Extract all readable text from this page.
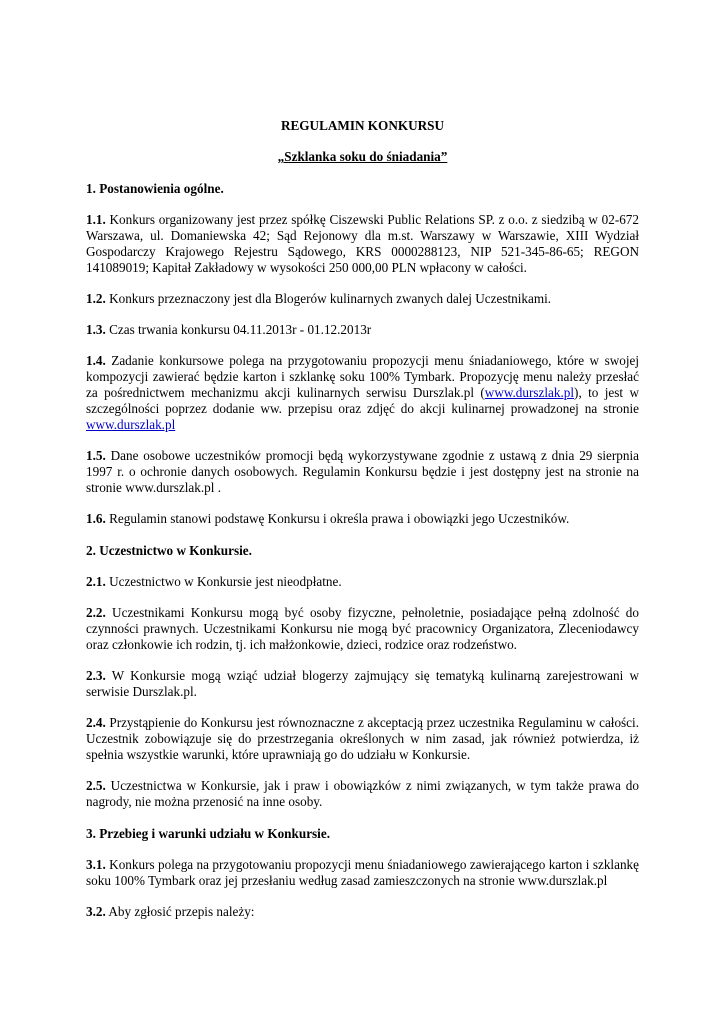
REGULAMIN KONKURSU
„Szklanka soku do śniadania”
1. Postanowienia ogólne.

1.1. Konkurs organizowany jest przez spółkę Ciszewski Public Relations SP. z o.o. z siedzibą w 02-672 Warszawa, ul. Domaniewska 42; Sąd Rejonowy dla m.st. Warszawy w Warszawie, XIII Wydział Gospodarczy Krajowego Rejestru Sądowego, KRS 0000288123, NIP 521-345-86-65; REGON 141089019; Kapitał Zakładowy w wysokości 250 000,00 PLN wpłacony w całości.

1.2. Konkurs przeznaczony jest dla Blogerów kulinarnych zwanych dalej Uczestnikami.

1.3. Czas trwania konkursu 04.11.2013r - 01.12.2013r

1.4. Zadanie konkursowe polega na przygotowaniu propozycji menu śniadaniowego, które w swojej kompozycji zawierać będzie karton i szklankę soku 100% Tymbark. Propozycję menu należy przesłać za pośrednictwem mechanizmu akcji kulinarnych serwisu Durszlak.pl (www.durszlak.pl), to jest w szczególności poprzez dodanie ww. przepisu oraz zdjęć do akcji kulinarnej prowadzonej na stronie www.durszlak.pl

1.5. Dane osobowe uczestników promocji będą wykorzystywane zgodnie z ustawą z dnia 29 sierpnia 1997 r. o ochronie danych osobowych. Regulamin Konkursu będzie i jest dostępny jest na stronie na stronie www.durszlak.pl .

1.6. Regulamin stanowi podstawę Konkursu i określa prawa i obowiązki jego Uczestników.

2. Uczestnictwo w Konkursie.

2.1. Uczestnictwo w Konkursie jest nieodpłatne.

2.2. Uczestnikami Konkursu mogą być osoby fizyczne, pełnoletnie, posiadające pełną zdolność do czynności prawnych. Uczestnikami Konkursu nie mogą być pracownicy Organizatora, Zleceniodawcy oraz członkowie ich rodzin, tj. ich małżonkowie, dzieci, rodzice oraz rodzeństwo.

2.3. W Konkursie mogą wziąć udział blogerzy zajmujący się tematyką kulinarną zarejestrowani w serwisie Durszlak.pl.

2.4. Przystąpienie do Konkursu jest równoznaczne z akceptacją przez uczestnika Regulaminu w całości. Uczestnik zobowiązuje się do przestrzegania określonych w nim zasad, jak również potwierdza, iż spełnia wszystkie warunki, które uprawniają go do udziału w Konkursie.

2.5. Uczestnictwa w Konkursie, jak i praw i obowiązków z nimi związanych, w tym także prawa do nagrody, nie można przenosić na inne osoby.

3. Przebieg i warunki udziału w Konkursie.

3.1. Konkurs polega na przygotowaniu propozycji menu śniadaniowego zawierającego karton i szklankę soku 100% Tymbark oraz jej przesłaniu według zasad zamieszczonych na stronie www.durszlak.pl

3.2. Aby zgłosić przepis należy:
